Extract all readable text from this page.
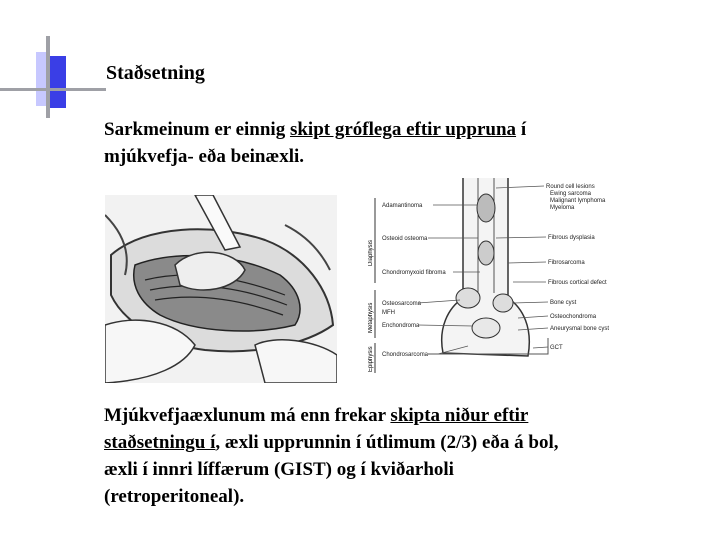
Staðsetning

Sarkmeinum er einnig skipt gróflega eftir uppruna í
mjúkvefja- eða beinæxli.

Diaphysis
Metaphysis
Epiphysis
Adamantinoma
Osteoid osteoma
Chondromyxoid fibroma
Osteosarcoma
MFH
Enchondroma
Chondrosarcoma
Round cell lesions
Ewing sarcoma
Malignant lymphoma
Myeloma
Fibrous dysplasia
Fibrosarcoma
Fibrous cortical defect
Bone cyst
Osteochondroma
Aneurysmal bone cyst
GCT

Mjúkvefjaæxlunum má enn frekar skipta niður eftir
staðsetningu í, æxli upprunnin í útlimum (2/3) eða á bol,
æxli í innri líffærum (GIST) og í kviðarholi
(retroperitoneal).
